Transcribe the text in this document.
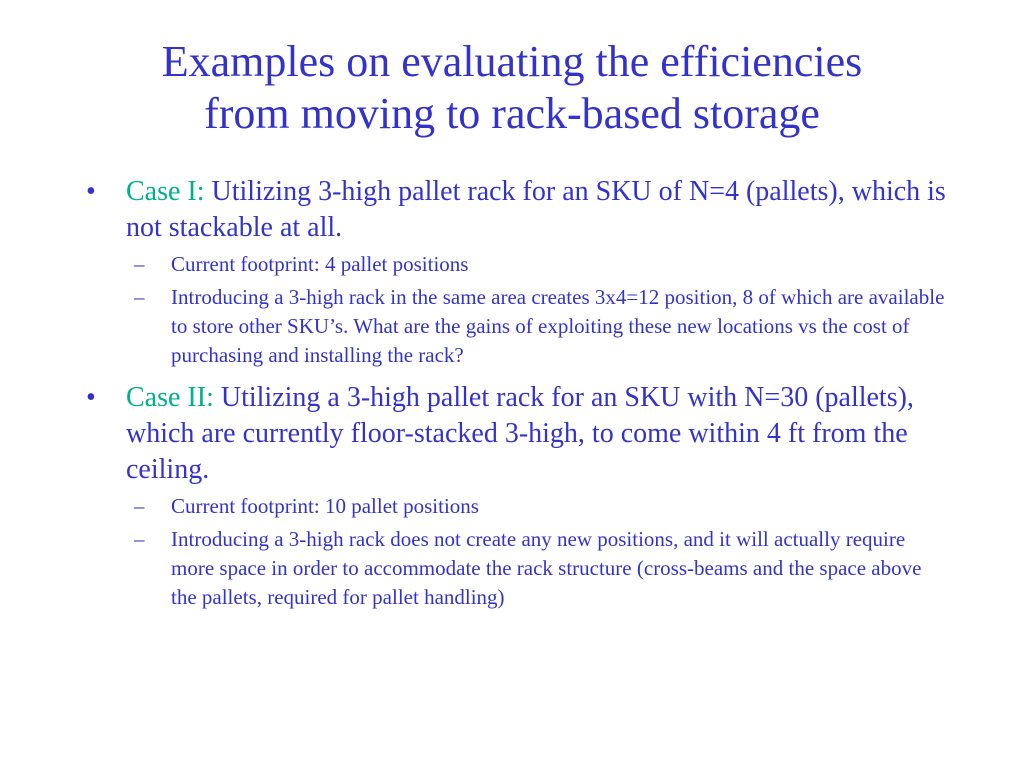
Examples on evaluating the efficiencies
from moving to rack-based storage
• Case I: Utilizing 3-high pallet rack for an SKU of N=4 (pallets), which is not stackable at all.
– Current footprint: 4 pallet positions
– Introducing a 3-high rack in the same area creates 3x4=12 position, 8 of which are available to store other SKU’s. What are the gains of exploiting these new locations vs the cost of purchasing and installing the rack?
• Case II: Utilizing a 3-high pallet rack for an SKU with N=30 (pallets), which are currently floor-stacked 3-high, to come within 4 ft from the ceiling.
– Current footprint: 10 pallet positions
– Introducing a 3-high rack does not create any new positions, and it will actually require more space in order to accommodate the rack structure (cross-beams and the space above the pallets, required for pallet handling)
